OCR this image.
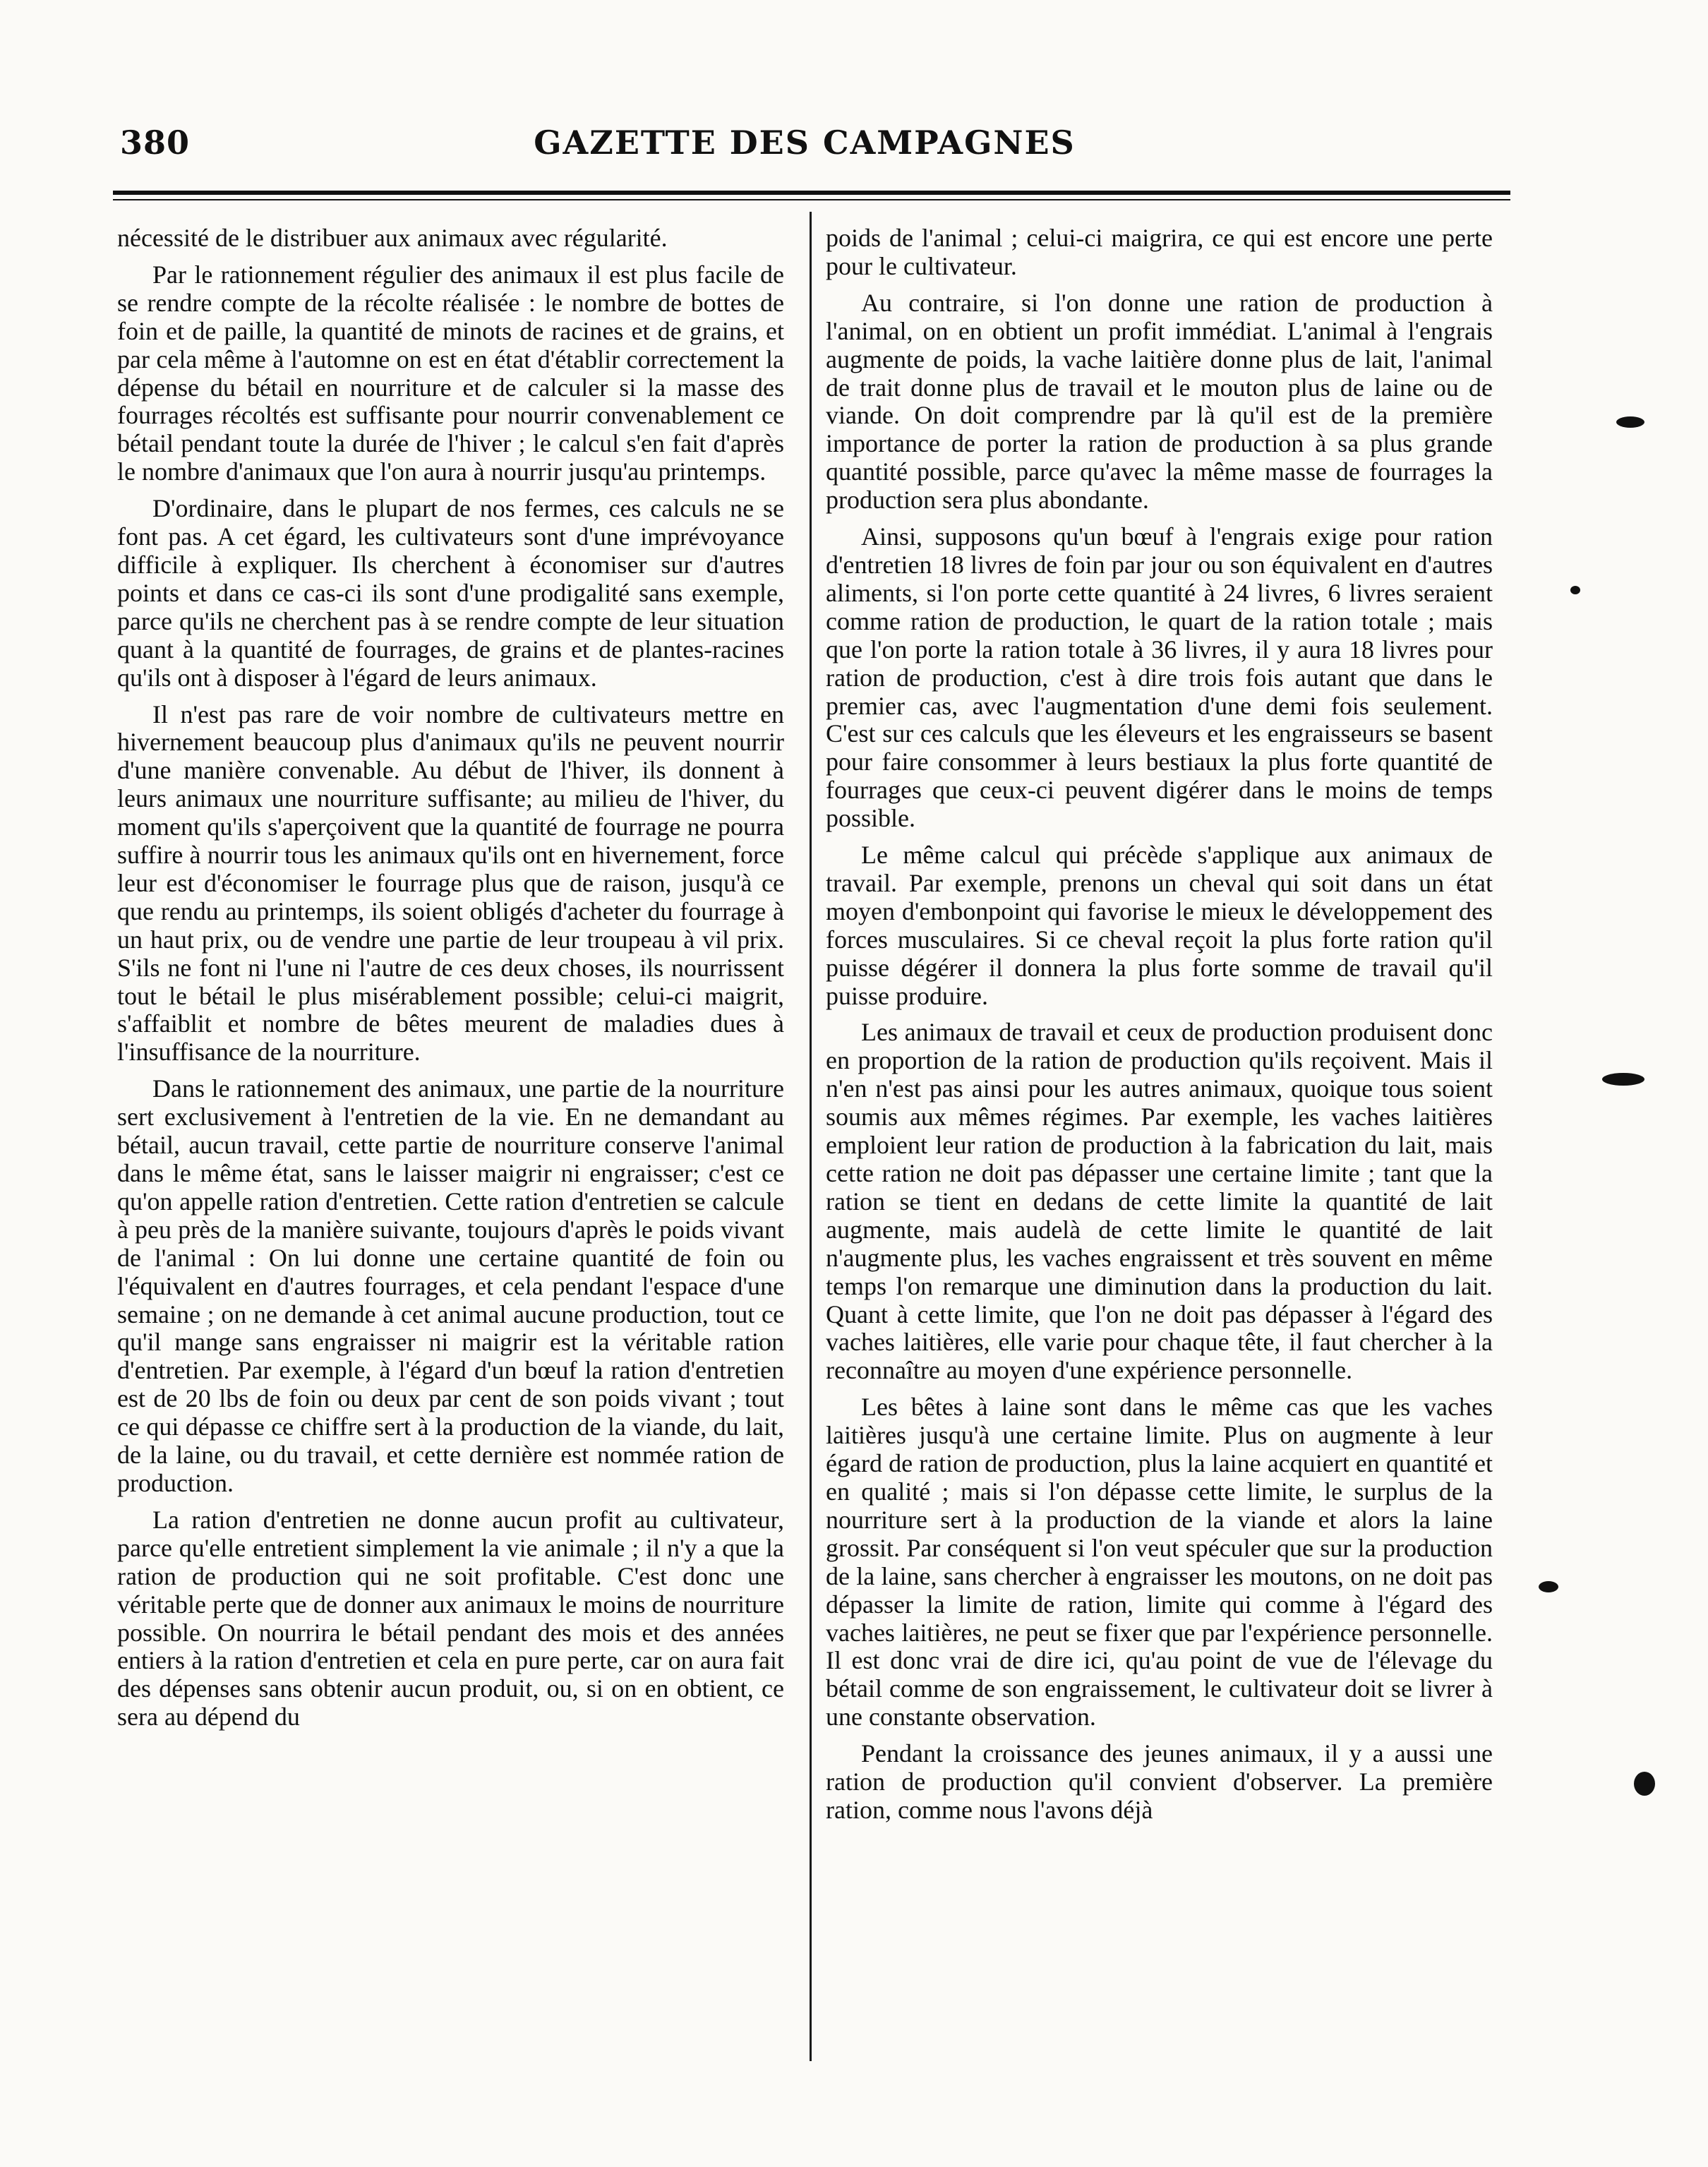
380	GAZETTE DES CAMPAGNES

nécessité de le distribuer aux animaux avec régularité.

Par le rationnement régulier des animaux il est plus facile de se rendre compte de la récolte réalisée : le nombre de bottes de foin et de paille, la quantité de minots de racines et de grains, et par cela même à l'automne on est en état d'établir correctement la dépense du bétail en nourriture et de calculer si la masse des fourrages récoltés est suffisante pour nourrir convenablement ce bétail pendant toute la durée de l'hiver ; le calcul s'en fait d'après le nombre d'animaux que l'on aura à nourrir jusqu'au printemps.

D'ordinaire, dans le plupart de nos fermes, ces calculs ne se font pas. A cet égard, les cultivateurs sont d'une imprévoyance difficile à expliquer. Ils cherchent à économiser sur d'autres points et dans ce cas-ci ils sont d'une prodigalité sans exemple, parce qu'ils ne cherchent pas à se rendre compte de leur situation quant à la quantité de fourrages, de grains et de plantes-racines qu'ils ont à disposer à l'égard de leurs animaux.

Il n'est pas rare de voir nombre de cultivateurs mettre en hivernement beaucoup plus d'animaux qu'ils ne peuvent nourrir d'une manière convenable. Au début de l'hiver, ils donnent à leurs animaux une nourriture suffisante; au milieu de l'hiver, du moment qu'ils s'aperçoivent que la quantité de fourrage ne pourra suffire à nourrir tous les animaux qu'ils ont en hivernement, force leur est d'économiser le fourrage plus que de raison, jusqu'à ce que rendu au printemps, ils soient obligés d'acheter du fourrage à un haut prix, ou de vendre une partie de leur troupeau à vil prix. S'ils ne font ni l'une ni l'autre de ces deux choses, ils nourrissent tout le bétail le plus misérablement possible; celui-ci maigrit, s'affaiblit et nombre de bêtes meurent de maladies dues à l'insuffisance de la nourriture.

Dans le rationnement des animaux, une partie de la nourriture sert exclusivement à l'entretien de la vie. En ne demandant au bétail, aucun travail, cette partie de nourriture conserve l'animal dans le même état, sans le laisser maigrir ni engraisser; c'est ce qu'on appelle ration d'entretien. Cette ration d'entretien se calcule à peu près de la manière suivante, toujours d'après le poids vivant de l'animal : On lui donne une certaine quantité de foin ou l'équivalent en d'autres fourrages, et cela pendant l'espace d'une semaine ; on ne demande à cet animal aucune production, tout ce qu'il mange sans engraisser ni maigrir est la véritable ration d'entretien. Par exemple, à l'égard d'un bœuf la ration d'entretien est de 20 lbs de foin ou deux par cent de son poids vivant ; tout ce qui dépasse ce chiffre sert à la production de la viande, du lait, de la laine, ou du travail, et cette dernière est nommée ration de production.

La ration d'entretien ne donne aucun profit au cultivateur, parce qu'elle entretient simplement la vie animale ; il n'y a que la ration de production qui ne soit profitable. C'est donc une véritable perte que de donner aux animaux le moins de nourriture possible. On nourrira le bétail pendant des mois et des années entiers à la ration d'entretien et cela en pure perte, car on aura fait des dépenses sans obtenir aucun produit, ou, si on en obtient, ce sera au dépend du

poids de l'animal ; celui-ci maigrira, ce qui est encore une perte pour le cultivateur.

Au contraire, si l'on donne une ration de production à l'animal, on en obtient un profit immédiat. L'animal à l'engrais augmente de poids, la vache laitière donne plus de lait, l'animal de trait donne plus de travail et le mouton plus de laine ou de viande. On doit comprendre par là qu'il est de la première importance de porter la ration de production à sa plus grande quantité possible, parce qu'avec la même masse de fourrages la production sera plus abondante.

Ainsi, supposons qu'un bœuf à l'engrais exige pour ration d'entretien 18 livres de foin par jour ou son équivalent en d'autres aliments, si l'on porte cette quantité à 24 livres, 6 livres seraient comme ration de production, le quart de la ration totale ; mais que l'on porte la ration totale à 36 livres, il y aura 18 livres pour ration de production, c'est à dire trois fois autant que dans le premier cas, avec l'augmentation d'une demi fois seulement. C'est sur ces calculs que les éleveurs et les engraisseurs se basent pour faire consommer à leurs bestiaux la plus forte quantité de fourrages que ceux-ci peuvent digérer dans le moins de temps possible.

Le même calcul qui précède s'applique aux animaux de travail. Par exemple, prenons un cheval qui soit dans un état moyen d'embonpoint qui favorise le mieux le développement des forces musculaires. Si ce cheval reçoit la plus forte ration qu'il puisse dégérer il donnera la plus forte somme de travail qu'il puisse produire.

Les animaux de travail et ceux de production produisent donc en proportion de la ration de production qu'ils reçoivent. Mais il n'en n'est pas ainsi pour les autres animaux, quoique tous soient soumis aux mêmes régimes. Par exemple, les vaches laitières emploient leur ration de production à la fabrication du lait, mais cette ration ne doit pas dépasser une certaine limite ; tant que la ration se tient en dedans de cette limite la quantité de lait augmente, mais audelà de cette limite le quantité de lait n'augmente plus, les vaches engraissent et très souvent en même temps l'on remarque une diminution dans la production du lait. Quant à cette limite, que l'on ne doit pas dépasser à l'égard des vaches laitières, elle varie pour chaque tête, il faut chercher à la reconnaître au moyen d'une expérience personnelle.

Les bêtes à laine sont dans le même cas que les vaches laitières jusqu'à une certaine limite. Plus on augmente à leur égard de ration de production, plus la laine acquiert en quantité et en qualité ; mais si l'on dépasse cette limite, le surplus de la nourriture sert à la production de la viande et alors la laine grossit. Par conséquent si l'on veut spéculer que sur la production de la laine, sans chercher à engraisser les moutons, on ne doit pas dépasser la limite de ration, limite qui comme à l'égard des vaches laitières, ne peut se fixer que par l'expérience personnelle. Il est donc vrai de dire ici, qu'au point de vue de l'élevage du bétail comme de son engraissement, le cultivateur doit se livrer à une constante observation.

Pendant la croissance des jeunes animaux, il y a aussi une ration de production qu'il convient d'observer. La première ration, comme nous l'avons déjà
